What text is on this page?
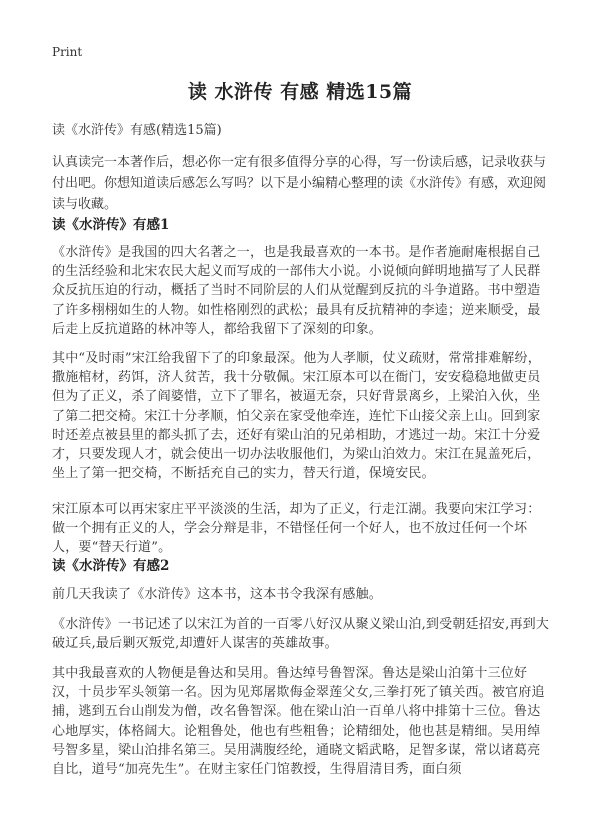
Print
读 水浒传 有感 精选15篇
读《水浒传》有感(精选15篇)

认真读完一本著作后，想必你一定有很多值得分享的心得，写一份读后感，记录收获与付出吧。你想知道读后感怎么写吗？以下是小编精心整理的读《水浒传》有感，欢迎阅读与收藏。

读《水浒传》有感1

《水浒传》是我国的四大名著之一，也是我最喜欢的一本书。是作者施耐庵根据自己的生活经验和北宋农民大起义而写成的一部伟大小说。小说倾向鲜明地描写了人民群众反抗压迫的行动，概括了当时不同阶层的人们从觉醒到反抗的斗争道路。书中塑造了许多栩栩如生的人物。如性格刚烈的武松；最具有反抗精神的李逵；逆来顺受，最后走上反抗道路的林冲等人，都给我留下了深刻的印象。

其中“及时雨”宋江给我留下了的印象最深。他为人孝顺，仗义疏财，常常排难解纷，撒施棺材，药饵，济人贫苦，我十分敬佩。宋江原本可以在衙门，安安稳稳地做吏员但为了正义，杀了阎婆惜，立下了罪名，被逼无奈，只好背景离乡，上梁泊入伙，坐了第二把交椅。宋江十分孝顺，怕父亲在家受他牵连，连忙下山接父亲上山。回到家时还差点被县里的都头抓了去，还好有梁山泊的兄弟相助，才逃过一劫。宋江十分爱才，只要发现人才，就会使出一切办法收服他们，为梁山泊效力。宋江在晁盖死后，坐上了第一把交椅，不断括充自己的实力，替天行道，保境安民。

宋江原本可以再宋家庄平平淡淡的生活，却为了正义，行走江湖。我要向宋江学习：做一个拥有正义的人，学会分辩是非，不错怪任何一个好人，也不放过任何一个坏人，要“替天行道”。

读《水浒传》有感2

前几天我读了《水浒传》这本书，这本书令我深有感触。

《水浒传》一书记述了以宋江为首的一百零八好汉从聚义梁山泊,到受朝廷招安,再到大破辽兵,最后剿灭叛党,却遭奸人谋害的英雄故事。

其中我最喜欢的人物便是鲁达和吴用。鲁达绰号鲁智深。鲁达是梁山泊第十三位好汉，十员步军头领第一名。因为见郑屠欺侮金翠莲父女,三拳打死了镇关西。被官府追捕，逃到五台山削发为僧，改名鲁智深。他在梁山泊一百单八将中排第十三位。鲁达心地厚实，体格阔大。论粗鲁处，他也有些粗鲁；论精细处，他也甚是精细。吴用绰号智多星，梁山泊排名第三。吴用满腹经纶，通晓文韬武略，足智多谋，常以诸葛亮自比，道号“加亮先生”。在财主家任门馆教授，生得眉清目秀，面白须
